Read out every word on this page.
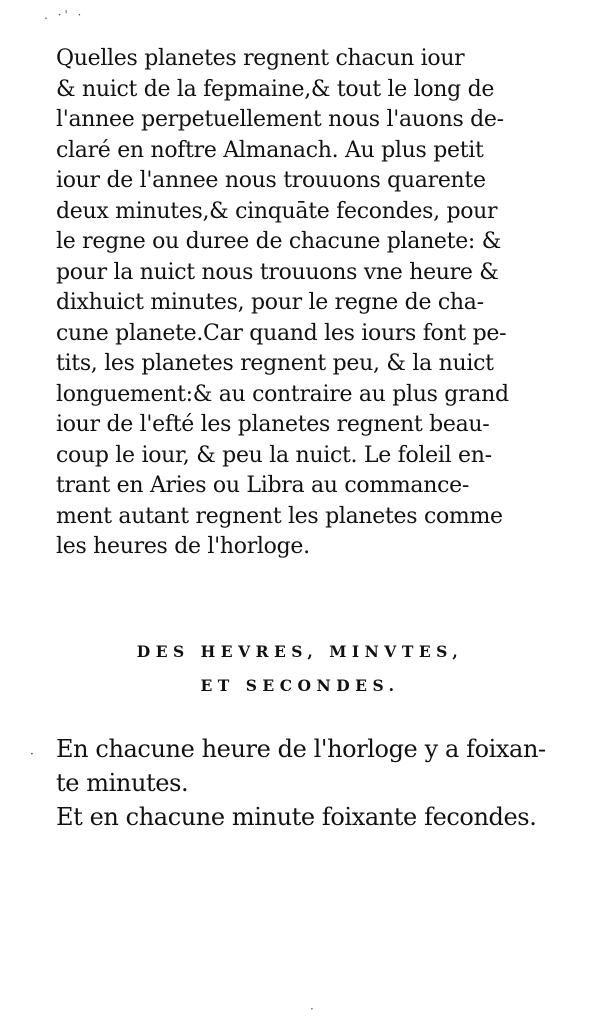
. ·' ·
Quelles planetes regnent chacun iour
& nuict de la fepmaine,& tout le long de
l'annee perpetuellement nous l'auons de-
claré en noftre Almanach. Au plus petit
iour de l'annee nous trouuons quarente
deux minutes,& cinquāte fecondes, pour
le regne ou duree de chacune planete: &
pour la nuict nous trouuons vne heure &
dixhuict minutes, pour le regne de cha-
cune planete.Car quand les iours font pe-
tits, les planetes regnent peu, & la nuict
longuement:& au contraire au plus grand
iour de l'efté les planetes regnent beau-
coup le iour, & peu la nuict. Le foleil en-
trant en Aries ou Libra au commance-
ment autant regnent les planetes comme
les heures de l'horloge.
DES HEVRES, MINVTES,
ET SECONDES.
· En chacune heure de l'horloge y a foixan-
te minutes.
Et en chacune minute foixante fecondes.
·
